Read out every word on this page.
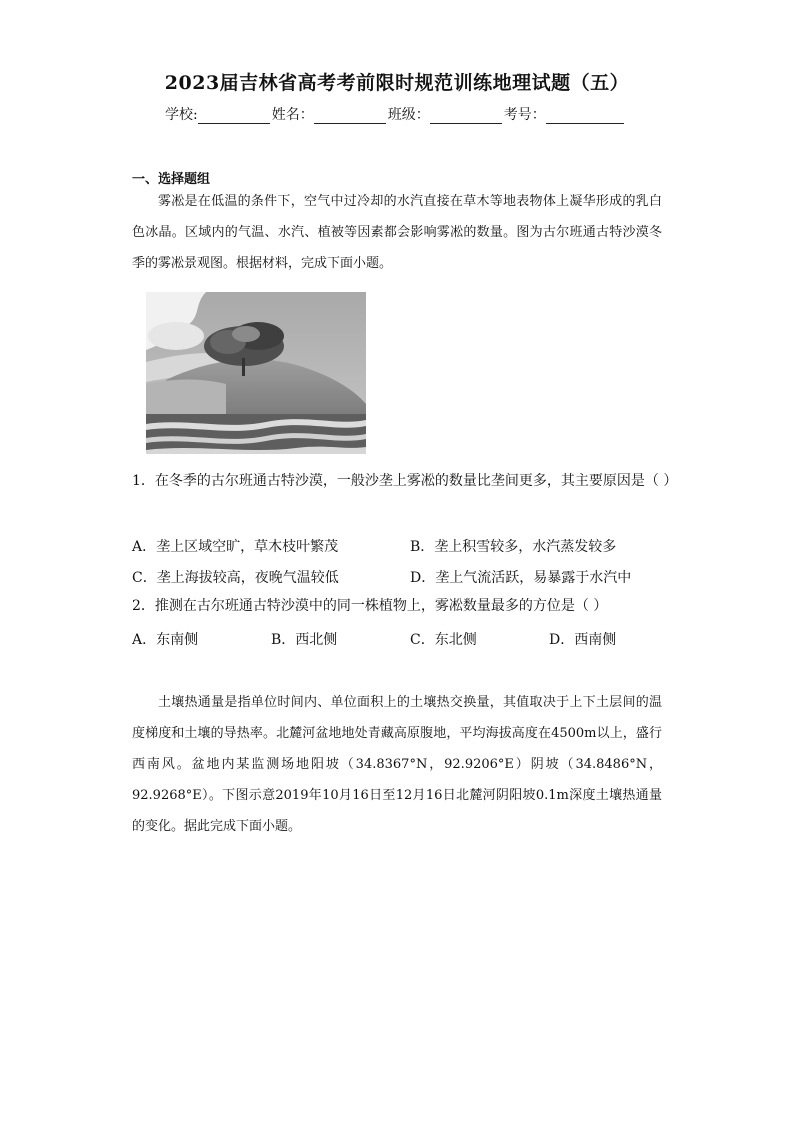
2023届吉林省高考考前限时规范训练地理试题（五）
学校:	姓名：	班级：	考号：
一、选择题组
雾凇是在低温的条件下，空气中过冷却的水汽直接在草木等地表物体上凝华形成的乳白色冰晶。区域内的气温、水汽、植被等因素都会影响雾凇的数量。图为古尔班通古特沙漠冬季的雾凇景观图。根据材料，完成下面小题。
1．在冬季的古尔班通古特沙漠，一般沙垄上雾凇的数量比垄间更多，其主要原因是（ ）
A．垄上区域空旷，草木枝叶繁茂	B．垄上积雪较多，水汽蒸发较多
C．垄上海拔较高，夜晚气温较低	D．垄上气流活跃，易暴露于水汽中
2．推测在古尔班通古特沙漠中的同一株植物上，雾凇数量最多的方位是（ ）
A．东南侧	B．西北侧	C．东北侧	D．西南侧
土壤热通量是指单位时间内、单位面积上的土壤热交换量，其值取决于上下土层间的温度梯度和土壤的导热率。北麓河盆地地处青藏高原腹地，平均海拔高度在4500m以上，盛行西南风。盆地内某监测场地阳坡（34.8367°N，92.9206°E）阴坡（34.8486°N，92.9268°E）。下图示意2019年10月16日至12月16日北麓河阴阳坡0.1m深度土壤热通量的变化。据此完成下面小题。
